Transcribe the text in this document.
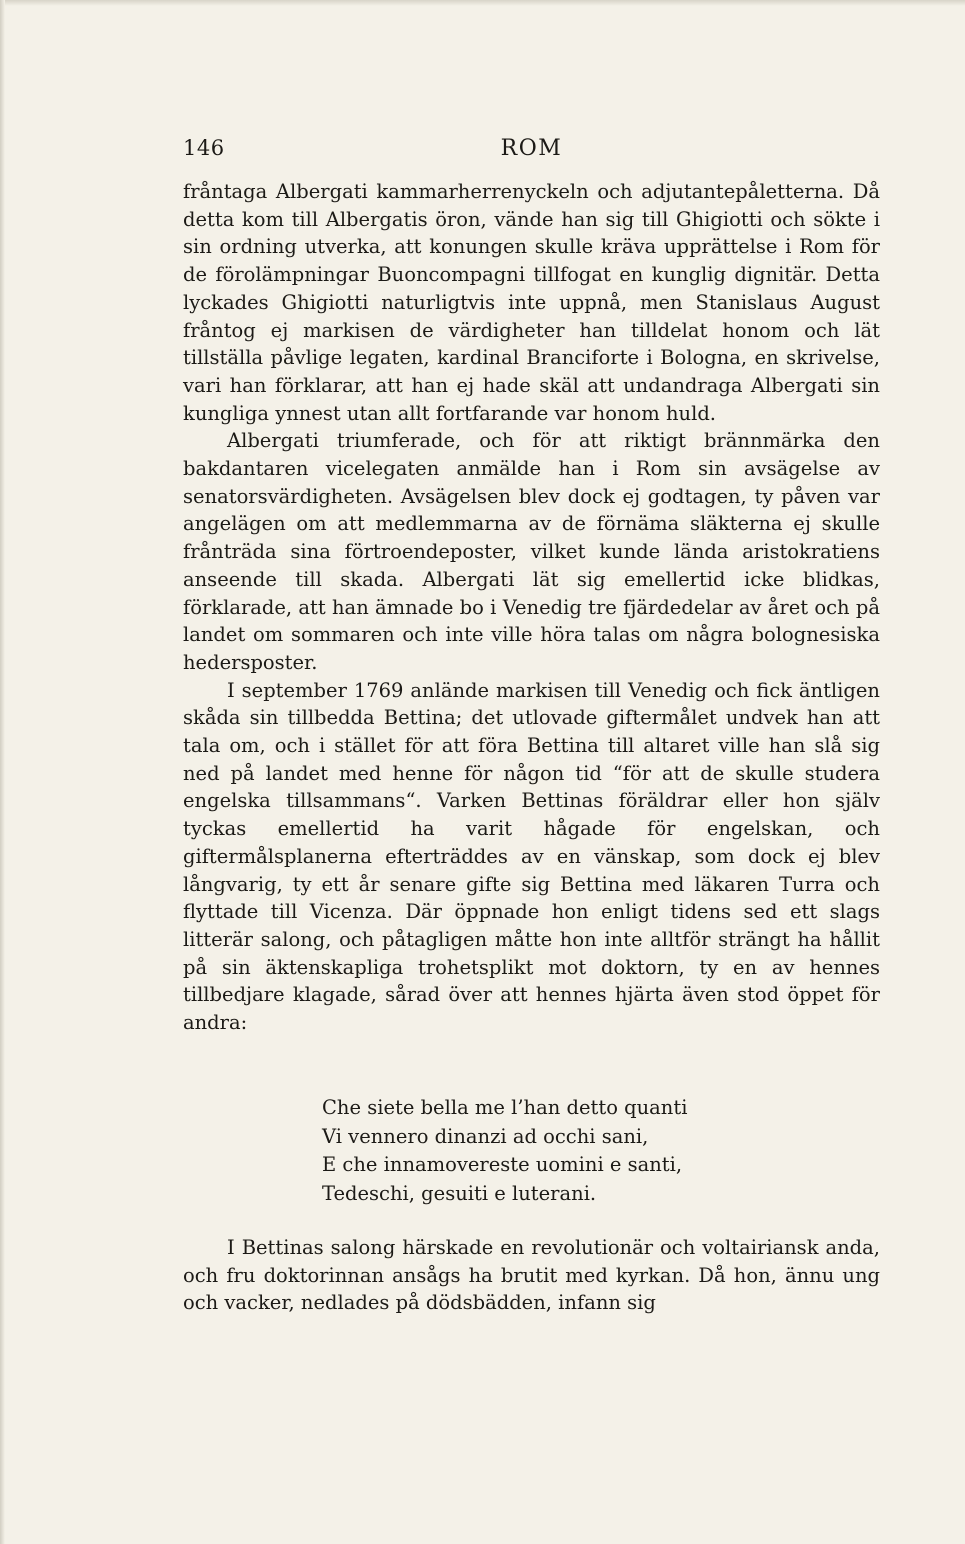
146	ROM

fråntaga Albergati kammarherrenyckeln och adjutantepåletterna. Då detta kom till Albergatis öron, vände han sig till Ghigiotti och sökte i sin ordning utverka, att konungen skulle kräva upprättelse i Rom för de förolämpningar Buoncompagni tillfogat en kunglig dignitär. Detta lyckades Ghigiotti naturligtvis inte uppnå, men Stanislaus August fråntog ej markisen de värdigheter han tilldelat honom och lät tillställa påvlige legaten, kardinal Branciforte i Bologna, en skrivelse, vari han förklarar, att han ej hade skäl att undandraga Albergati sin kungliga ynnest utan allt fortfarande var honom huld.

Albergati triumferade, och för att riktigt brännmärka den bakdantaren vicelegaten anmälde han i Rom sin avsägelse av senatorsvärdigheten. Avsägelsen blev dock ej godtagen, ty påven var angelägen om att medlemmarna av de förnäma släkterna ej skulle frånträda sina förtroendeposter, vilket kunde lända aristokratiens anseende till skada. Albergati lät sig emellertid icke blidkas, förklarade, att han ämnade bo i Venedig tre fjärdedelar av året och på landet om sommaren och inte ville höra talas om några bolognesiska hedersposter.

I september 1769 anlände markisen till Venedig och fick äntligen skåda sin tillbedda Bettina; det utlovade giftermålet undvek han att tala om, och i stället för att föra Bettina till altaret ville han slå sig ned på landet med henne för någon tid “för att de skulle studera engelska tillsammans“. Varken Bettinas föräldrar eller hon själv tyckas emellertid ha varit hågade för engelskan, och giftermålsplanerna efterträddes av en vänskap, som dock ej blev långvarig, ty ett år senare gifte sig Bettina med läkaren Turra och flyttade till Vicenza. Där öppnade hon enligt tidens sed ett slags litterär salong, och påtagligen måtte hon inte alltför strängt ha hållit på sin äktenskapliga trohetsplikt mot doktorn, ty en av hennes tillbedjare klagade, sårad över att hennes hjärta även stod öppet för andra:

Che siete bella me l’han detto quanti
Vi vennero dinanzi ad occhi sani,
E che innamovereste uomini e santi,
Tedeschi, gesuiti e luterani.

I Bettinas salong härskade en revolutionär och voltairiansk anda, och fru doktorinnan ansågs ha brutit med kyrkan. Då hon, ännu ung och vacker, nedlades på dödsbädden, infann sig
